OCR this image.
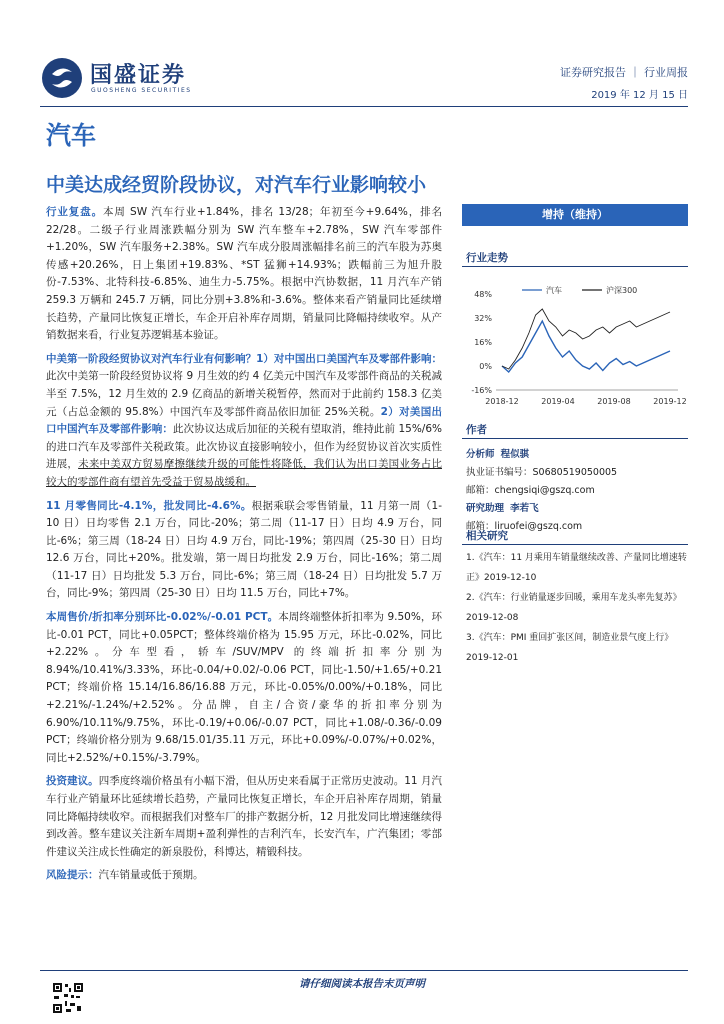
国盛证券
GUOSHENG SECURITIES
证券研究报告 ｜ 行业周报
2019 年 12 月 15 日
汽车
中美达成经贸阶段协议，对汽车行业影响较小

行业复盘。本周 SW 汽车行业+1.84%，排名 13/28；年初至今+9.64%，排名 22/28。二级子行业周涨跌幅分别为 SW 汽车整车+2.78%，SW 汽车零部件+1.20%，SW 汽车服务+2.38%。SW 汽车成分股周涨幅排名前三的汽车股为苏奥传感+20.26%，日上集团+19.83%、*ST 猛狮+14.93%；跌幅前三为旭升股份-7.53%、北特科技-6.85%、迪生力-5.75%。根据中汽协数据，11 月汽车产销 259.3 万辆和 245.7 万辆，同比分别+3.8%和-3.6%。整体来看产销量同比延续增长趋势，产量同比恢复正增长，车企开启补库存周期，销量同比降幅持续收窄。从产销数据来看，行业复苏逻辑基本验证。

中美第一阶段经贸协议对汽车行业有何影响？1）对中国出口美国汽车及零部件影响：此次中美第一阶段经贸协议将 9 月生效的约 4 亿美元中国汽车及零部件商品的关税减半至 7.5%，12 月生效的 2.9 亿商品的新增关税暂停，然而对于此前约 158.3 亿美元（占总金额的 95.8%）中国汽车及零部件商品依旧加征 25%关税。2）对美国出口中国汽车及零部件影响：此次协议达成后加征的关税有望取消，维持此前 15%/6%的进口汽车及零部件关税政策。此次协议直接影响较小，但作为经贸协议首次实质性进展，未来中美双方贸易摩擦继续升级的可能性将降低，我们认为出口美国业务占比较大的零部件商有望首先受益于贸易战缓和。

11 月零售同比-4.1%，批发同比-4.6%。根据乘联会零售销量，11 月第一周（1-10 日）日均零售 2.1 万台，同比-20%；第二周（11-17 日）日均 4.9 万台，同比-6%；第三周（18-24 日）日均 4.9 万台，同比-19%；第四周（25-30 日）日均 12.6 万台，同比+20%。批发端，第一周日均批发 2.9 万台，同比-16%；第二周（11-17 日）日均批发 5.3 万台，同比-6%；第三周（18-24 日）日均批发 5.7 万台，同比-9%；第四周（25-30 日）日均 11.5 万台，同比+7%。

本周售价/折扣率分别环比-0.02%/-0.01 PCT。本周终端整体折扣率为 9.50%，环比-0.01 PCT，同比+0.05PCT；整体终端价格为 15.95 万元，环比-0.02%，同比+2.22%。分车型看，轿车/SUV/MPV 的终端折扣率分别为 8.94%/10.41%/3.33%，环比-0.04/+0.02/-0.06 PCT，同比-1.50/+1.65/+0.21 PCT；终端价格 15.14/16.86/16.88 万元，环比-0.05%/0.00%/+0.18%，同比+2.21%/-1.24%/+2.52%。分品牌，自主/合资/豪华的折扣率分别为 6.90%/10.11%/9.75%，环比-0.19/+0.06/-0.07 PCT，同比+1.08/-0.36/-0.09 PCT；终端价格分别为 9.68/15.01/35.11 万元，环比+0.09%/-0.07%/+0.02%，同比+2.52%/+0.15%/-3.79%。

投资建议。四季度终端价格虽有小幅下滑，但从历史来看属于正常历史波动。11 月汽车行业产销量环比延续增长趋势，产量同比恢复正增长，车企开启补库存周期，销量同比降幅持续收窄。而根据我们对整车厂的排产数据分析，12 月批发同比增速继续得到改善。整车建议关注新车周期+盈利弹性的吉利汽车，长安汽车，广汽集团；零部件建议关注成长性确定的新泉股份，科博达，精锻科技。

风险提示：汽车销量或低于预期。

增持（维持）
行业走势
48%
32%
16%
0%
-16%
2018-12	2019-04	2019-08	2019-12
汽车	沪深300
作者
分析师 程似骐
执业证书编号：S0680519050005
邮箱：chengsiqi@gszq.com
研究助理 李若飞
邮箱：liruofei@gszq.com
相关研究
1.《汽车：11 月乘用车销量继续改善、产量同比增速转正》2019-12-10
2.《汽车：行业销量逐步回暖，乘用车龙头率先复苏》2019-12-08
3.《汽车：PMI 重回扩张区间，制造业景气度上行》2019-12-01
请仔细阅读本报告末页声明
